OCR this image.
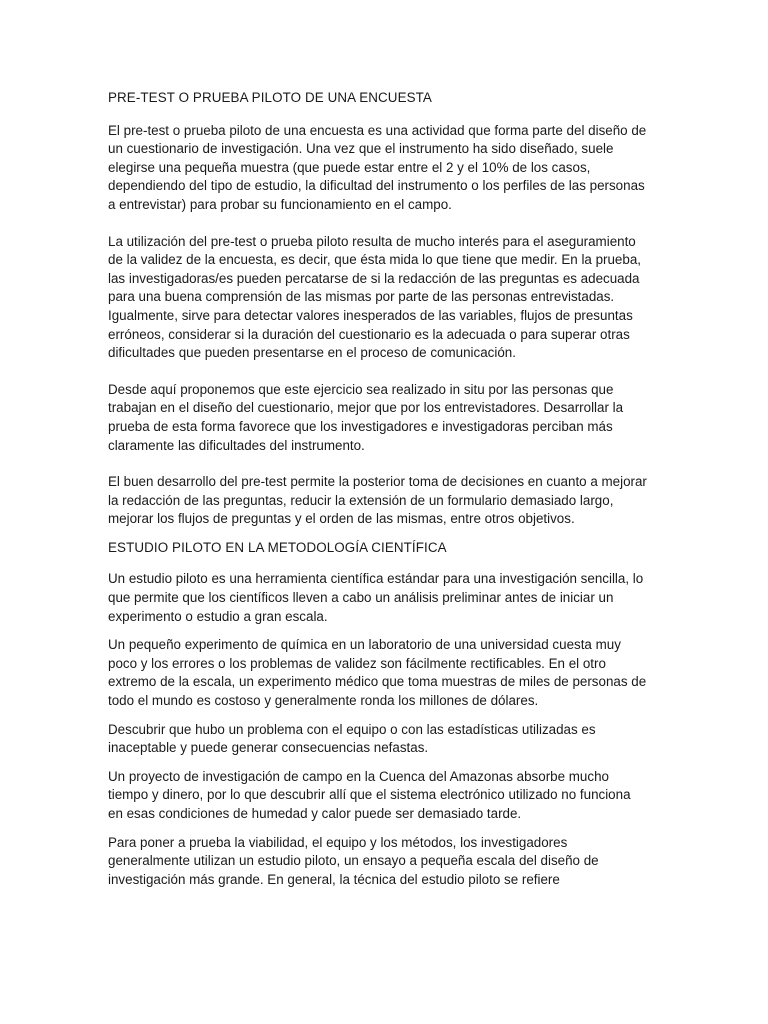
PRE-TEST O PRUEBA PILOTO DE UNA ENCUESTA

El pre-test o prueba piloto de una encuesta es una actividad que forma parte del diseño de un cuestionario de investigación. Una vez que el instrumento ha sido diseñado, suele elegirse una pequeña muestra (que puede estar entre el 2 y el 10% de los casos, dependiendo del tipo de estudio, la dificultad del instrumento o los perfiles de las personas a entrevistar) para probar su funcionamiento en el campo.

La utilización del pre-test o prueba piloto resulta de mucho interés para el aseguramiento de la validez de la encuesta, es decir, que ésta mida lo que tiene que medir. En la prueba, las investigadoras/es pueden percatarse de si la redacción de las preguntas es adecuada para una buena comprensión de las mismas por parte de las personas entrevistadas. Igualmente, sirve para detectar valores inesperados de las variables, flujos de presuntas erróneos, considerar si la duración del cuestionario es la adecuada o para superar otras dificultades que pueden presentarse en el proceso de comunicación.

Desde aquí proponemos que este ejercicio sea realizado in situ por las personas que trabajan en el diseño del cuestionario, mejor que por los entrevistadores. Desarrollar la prueba de esta forma favorece que los investigadores e investigadoras perciban más claramente las dificultades del instrumento.

El buen desarrollo del pre-test permite la posterior toma de decisiones en cuanto a mejorar la redacción de las preguntas, reducir la extensión de un formulario demasiado largo, mejorar los flujos de preguntas y el orden de las mismas, entre otros objetivos.

ESTUDIO PILOTO EN LA METODOLOGÍA CIENTÍFICA

Un estudio piloto es una herramienta científica estándar para una investigación sencilla, lo que permite que los científicos lleven a cabo un análisis preliminar antes de iniciar un experimento o estudio a gran escala.

Un pequeño experimento de química en un laboratorio de una universidad cuesta muy poco y los errores o los problemas de validez son fácilmente rectificables. En el otro extremo de la escala, un experimento médico que toma muestras de miles de personas de todo el mundo es costoso y generalmente ronda los millones de dólares.

Descubrir que hubo un problema con el equipo o con las estadísticas utilizadas es inaceptable y puede generar consecuencias nefastas.

Un proyecto de investigación de campo en la Cuenca del Amazonas absorbe mucho tiempo y dinero, por lo que descubrir allí que el sistema electrónico utilizado no funciona en esas condiciones de humedad y calor puede ser demasiado tarde.

Para poner a prueba la viabilidad, el equipo y los métodos, los investigadores generalmente utilizan un estudio piloto, un ensayo a pequeña escala del diseño de investigación más grande. En general, la técnica del estudio piloto se refiere
